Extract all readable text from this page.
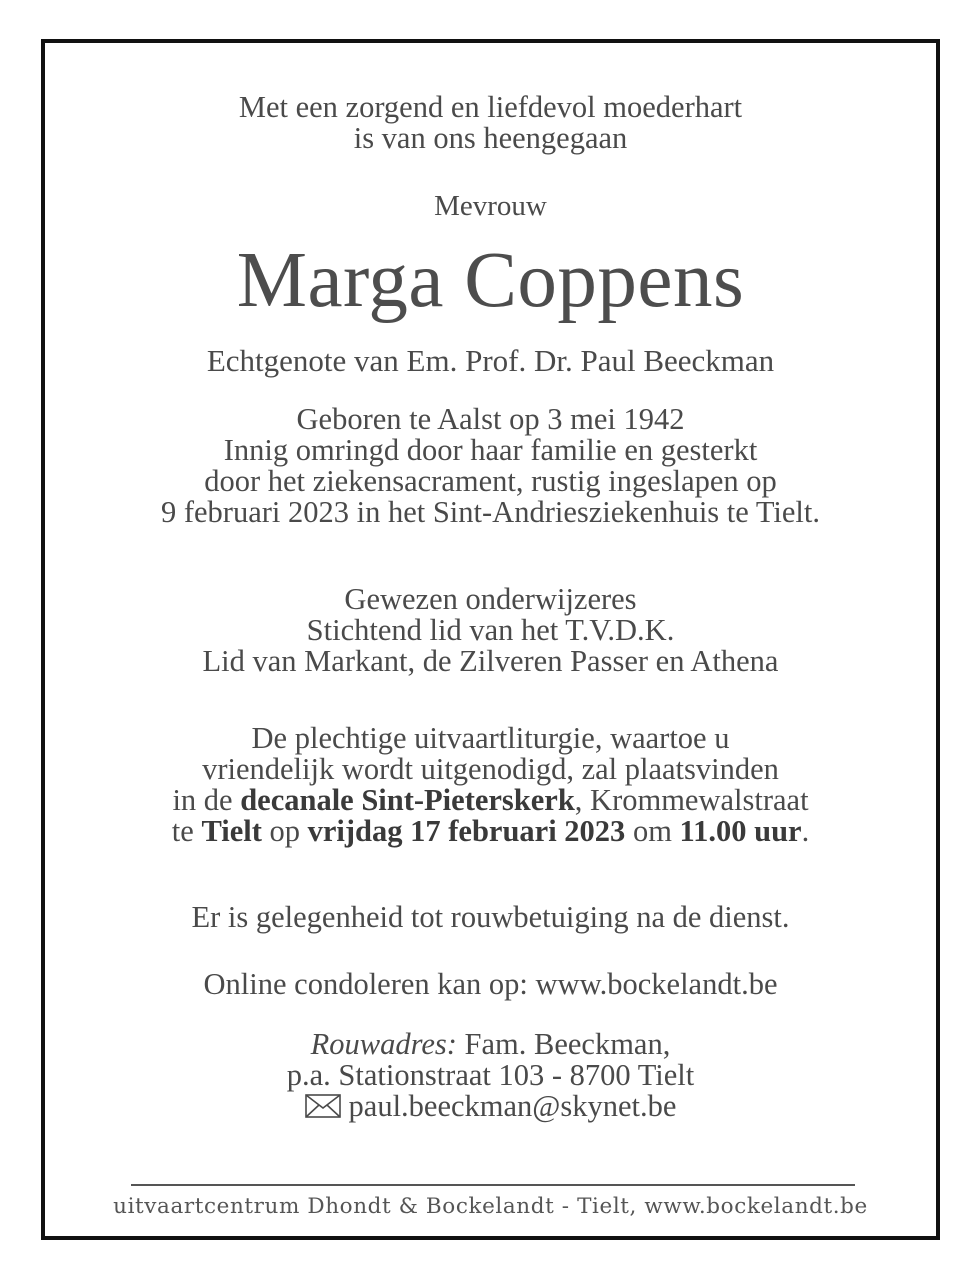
Met een zorgend en liefdevol moederhart
is van ons heengegaan
Mevrouw
Marga Coppens
Echtgenote van Em. Prof. Dr. Paul Beeckman
Geboren te Aalst op 3 mei 1942
Innig omringd door haar familie en gesterkt
door het ziekensacrament, rustig ingeslapen op
9 februari 2023 in het Sint-Andriesziekenhuis te Tielt.
Gewezen onderwijzeres
Stichtend lid van het T.V.D.K.
Lid van Markant, de Zilveren Passer en Athena
De plechtige uitvaartliturgie, waartoe u
vriendelijk wordt uitgenodigd, zal plaatsvinden
in de decanale Sint-Pieterskerk, Krommewalstraat
te Tielt op vrijdag 17 februari 2023 om 11.00 uur.
Er is gelegenheid tot rouwbetuiging na de dienst.
Online condoleren kan op: www.bockelandt.be
Rouwadres: Fam. Beeckman,
p.a. Stationstraat 103 - 8700 Tielt
paul.beeckman@skynet.be
uitvaartcentrum Dhondt & Bockelandt - Tielt, www.bockelandt.be
